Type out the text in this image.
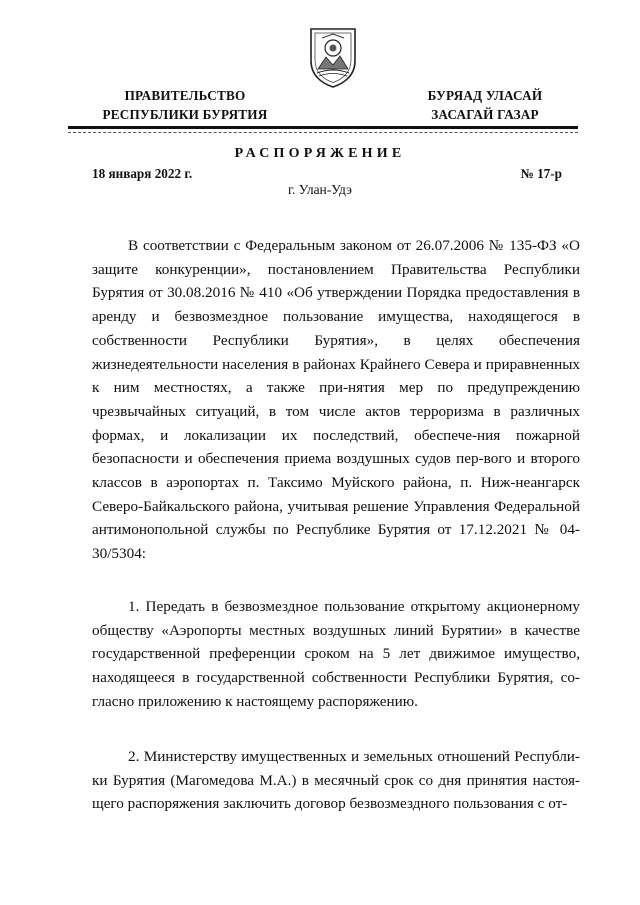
ПРАВИТЕЛЬСТВО
РЕСПУБЛИКИ БУРЯТИЯ
БУРЯАД УЛАСАЙ
ЗАСАГАЙ ГАЗАР
РАСПОРЯЖЕНИЕ
18 января 2022 г.	№ 17-р
г. Улан-Удэ

В соответствии с Федеральным законом от 26.07.2006 № 135-ФЗ «О защите конкуренции», постановлением Правительства Республики Бурятия от 30.08.2016 № 410 «Об утверждении Порядка предоставления в аренду и безвозмездное пользование имущества, находящегося в собственности Республики Бурятия», в целях обеспечения жизнедеятельности населения в районах Крайнего Севера и приравненных к ним местностях, а также при-нятия мер по предупреждению чрезвычайных ситуаций, в том числе актов терроризма в различных формах, и локализации их последствий, обеспече-ния пожарной безопасности и обеспечения приема воздушных судов пер-вого и второго классов в аэропортах п. Таксимо Муйского района, п. Ниж-неангарск Северо-Байкальского района, учитывая решение Управления Федеральной антимонопольной службы по Республике Бурятия от 17.12.2021 № 04-30/5304:

1. Передать в безвозмездное пользование открытому акционерному обществу «Аэропорты местных воздушных линий Бурятии» в качестве государственной преференции сроком на 5 лет движимое имущество, находящееся в государственной собственности Республики Бурятия, со-гласно приложению к настоящему распоряжению.

2. Министерству имущественных и земельных отношений Республи-ки Бурятия (Магомедова М.А.) в месячный срок со дня принятия настоя-щего распоряжения заключить договор безвозмездного пользования с от-
